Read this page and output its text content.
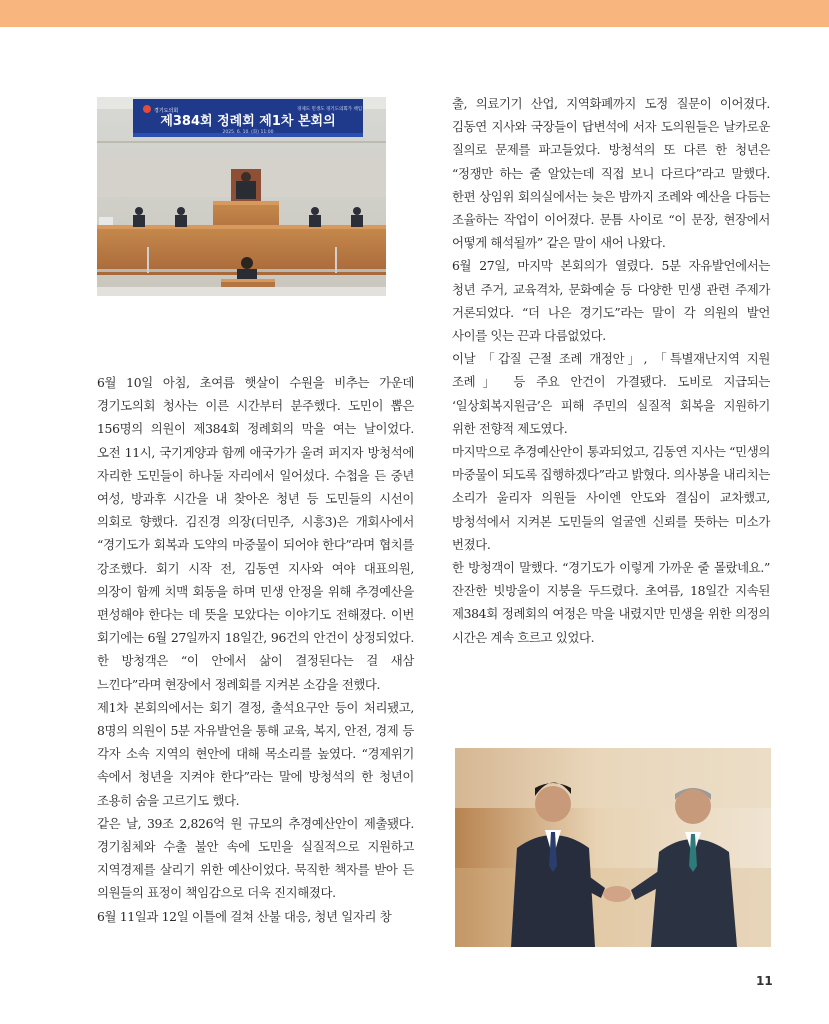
경기도의회	경제도 민생도 경기도의회가 책임
제384회 정례회 제1차 본회의
2025. 6. 10. (화) 11:00

6월 10일 아침, 초여름 햇살이 수원을 비추는 가운데 경기도의회 청사는 이른 시간부터 분주했다. 도민이 뽑은 156명의 의원이 제384회 정례회의 막을 여는 날이었다. 오전 11시, 국기게양과 함께 애국가가 울려 퍼지자 방청석에 자리한 도민들이 하나둘 자리에서 일어섰다. 수첩을 든 중년 여성, 방과후 시간을 내 찾아온 청년 등 도민들의 시선이 의회로 향했다. 김진경 의장(더민주, 시흥3)은 개회사에서 “경기도가 회복과 도약의 마중물이 되어야 한다”라며 협치를 강조했다. 회기 시작 전, 김동연 지사와 여야 대표의원, 의장이 함께 치맥 회동을 하며 민생 안정을 위해 추경예산을 편성해야 한다는 데 뜻을 모았다는 이야기도 전해졌다. 이번 회기에는 6월 27일까지 18일간, 96건의 안건이 상정되었다. 한 방청객은 “이 안에서 삶이 결정된다는 걸 새삼 느낀다”라며 현장에서 정례회를 지켜본 소감을 전했다.

제1차 본회의에서는 회기 결정, 출석요구안 등이 처리됐고, 8명의 의원이 5분 자유발언을 통해 교육, 복지, 안전, 경제 등 각자 소속 지역의 현안에 대해 목소리를 높였다. “경제위기 속에서 청년을 지켜야 한다”라는 말에 방청석의 한 청년이 조용히 숨을 고르기도 했다.

같은 날, 39조 2,826억 원 규모의 추경예산안이 제출됐다. 경기침체와 수출 불안 속에 도민을 실질적으로 지원하고 지역경제를 살리기 위한 예산이었다. 묵직한 책자를 받아 든 의원들의 표정이 책임감으로 더욱 진지해졌다.

6월 11일과 12일 이틀에 걸쳐 산불 대응, 청년 일자리 창

출, 의료기기 산업, 지역화폐까지 도정 질문이 이어졌다. 김동연 지사와 국장들이 답변석에 서자 도의원들은 날카로운 질의로 문제를 파고들었다. 방청석의 또 다른 한 청년은 “정쟁만 하는 줄 알았는데 직접 보니 다르다”라고 말했다. 한편 상임위 회의실에서는 늦은 밤까지 조례와 예산을 다듬는 조율하는 작업이 이어졌다. 문틈 사이로 “이 문장, 현장에서 어떻게 해석될까” 같은 말이 새어 나왔다.

6월 27일, 마지막 본회의가 열렸다. 5분 자유발언에서는 청년 주거, 교육격차, 문화예술 등 다양한 민생 관련 주제가 거론되었다. “더 나은 경기도”라는 말이 각 의원의 발언 사이를 잇는 끈과 다름없었다.

이날 「갑질 근절 조례 개정안」, 「특별재난지역 지원 조례」 등 주요 안건이 가결됐다. 도비로 지급되는 ‘일상회복지원금’은 피해 주민의 실질적 회복을 지원하기 위한 전향적 제도였다.

마지막으로 추경예산안이 통과되었고, 김동연 지사는 “민생의 마중물이 되도록 집행하겠다”라고 밝혔다. 의사봉을 내리치는 소리가 울리자 의원들 사이엔 안도와 결심이 교차했고, 방청석에서 지켜본 도민들의 얼굴엔 신뢰를 뜻하는 미소가 번졌다.

한 방청객이 말했다. “경기도가 이렇게 가까운 줄 몰랐네요.” 잔잔한 빗방울이 지붕을 두드렸다. 초여름, 18일간 지속된 제384회 정례회의 여정은 막을 내렸지만 민생을 위한 의정의 시간은 계속 흐르고 있었다.

11
